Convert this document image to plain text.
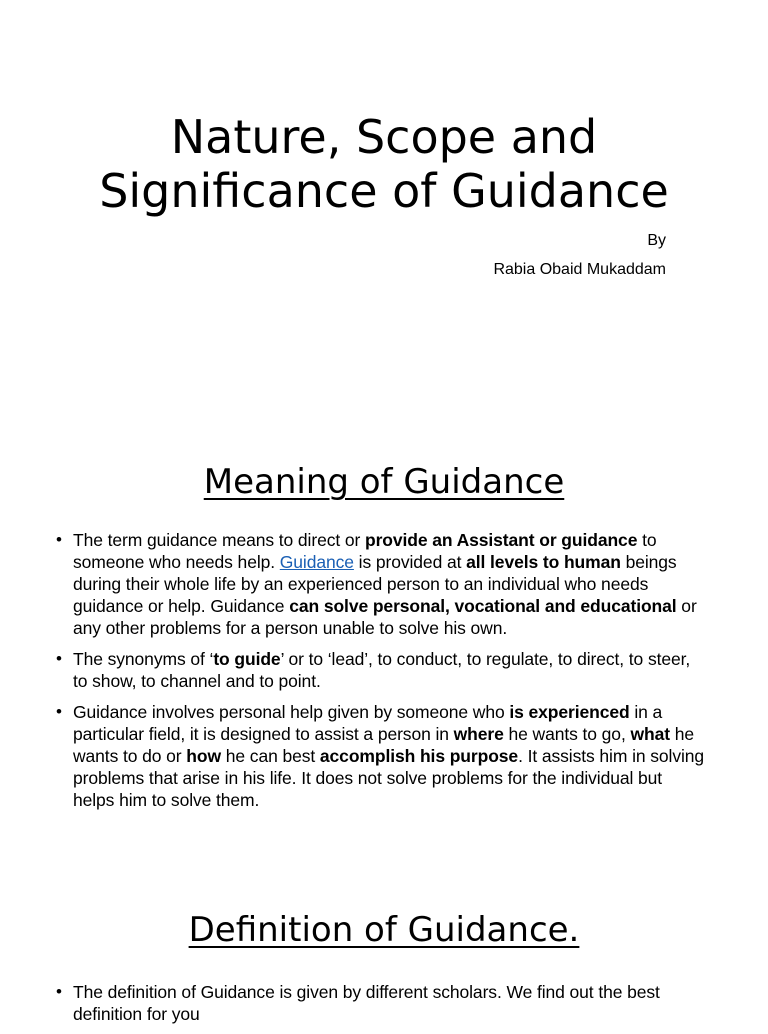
Nature, Scope and
Significance of Guidance
By
Rabia Obaid Mukaddam
Meaning of Guidance
• The term guidance means to direct or provide an Assistant or guidance to someone who needs help. Guidance is provided at all levels to human beings during their whole life by an experienced person to an individual who needs guidance or help. Guidance can solve personal, vocational and educational or any other problems for a person unable to solve his own.
• The synonyms of ‘to guide’ or to ‘lead’, to conduct, to regulate, to direct, to steer, to show, to channel and to point.
• Guidance involves personal help given by someone who is experienced in a particular field, it is designed to assist a person in where he wants to go, what he wants to do or how he can best accomplish his purpose. It assists him in solving problems that arise in his life. It does not solve problems for the individual but helps him to solve them.
Definition of Guidance.
• The definition of Guidance is given by different scholars. We find out the best definition for you
